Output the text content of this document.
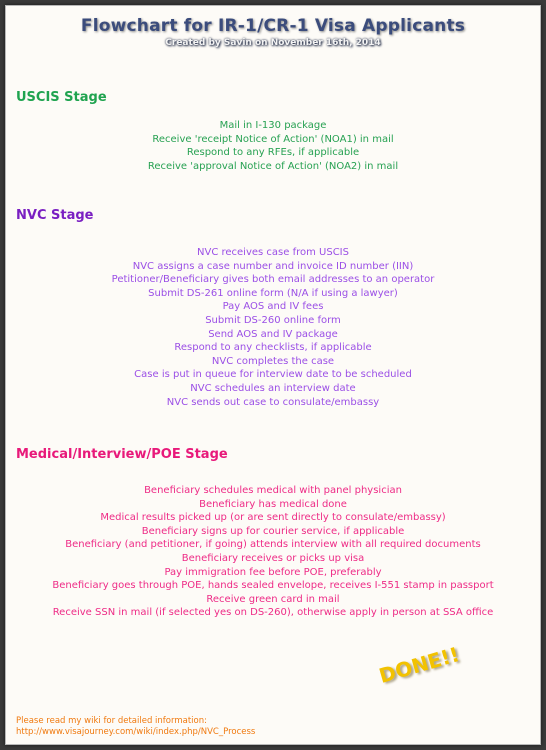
Flowchart for IR-1/CR-1 Visa Applicants
Created by Savin on November 16th, 2014
USCIS Stage
Mail in I-130 package
Receive 'receipt Notice of Action' (NOA1) in mail
Respond to any RFEs, if applicable
Receive 'approval Notice of Action' (NOA2) in mail
NVC Stage
NVC receives case from USCIS
NVC assigns a case number and invoice ID number (IIN)
Petitioner/Beneficiary gives both email addresses to an operator
Submit DS-261 online form (N/A if using a lawyer)
Pay AOS and IV fees
Submit DS-260 online form
Send AOS and IV package
Respond to any checklists, if applicable
NVC completes the case
Case is put in queue for interview date to be scheduled
NVC schedules an interview date
NVC sends out case to consulate/embassy
Medical/Interview/POE Stage
Beneficiary schedules medical with panel physician
Beneficiary has medical done
Medical results picked up (or are sent directly to consulate/embassy)
Beneficiary signs up for courier service, if applicable
Beneficiary (and petitioner, if going) attends interview with all required documents
Beneficiary receives or picks up visa
Pay immigration fee before POE, preferably
Beneficiary goes through POE, hands sealed envelope, receives I-551 stamp in passport
Receive green card in mail
Receive SSN in mail (if selected yes on DS-260), otherwise apply in person at SSA office
DONE!!
Please read my wiki for detailed information:
http://www.visajourney.com/wiki/index.php/NVC_Process
